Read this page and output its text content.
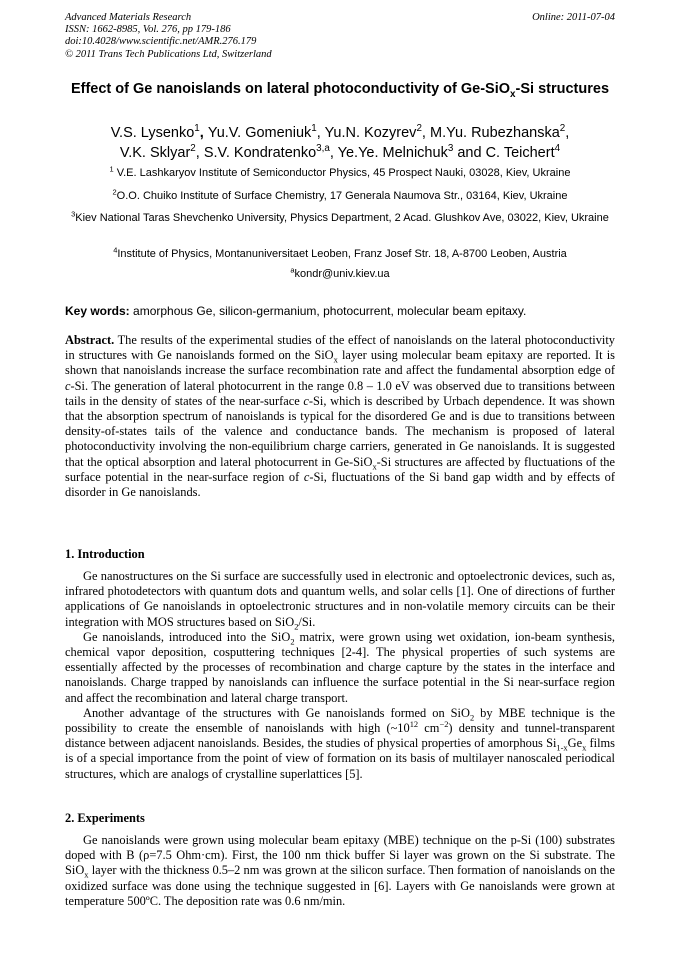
Advanced Materials Research
ISSN: 1662-8985, Vol. 276, pp 179-186
doi:10.4028/www.scientific.net/AMR.276.179
© 2011 Trans Tech Publications Ltd, Switzerland
Online: 2011-07-04
Effect of Ge nanoislands on lateral photoconductivity of Ge-SiO$_x$-Si structures
V.S. Lysenko$^1$, Yu.V. Gomeniuk$^1$, Yu.N. Kozyrev$^2$, M.Yu. Rubezhanska$^2$,
V.K. Sklyar$^2$, S.V. Kondratenko$^{3,a}$, Ye.Ye. Melnichuk$^3$ and C. Teichert$^4$
$^1$ V.E. Lashkaryov Institute of Semiconductor Physics, 45 Prospect Nauki, 03028, Kiev, Ukraine
$^2$O.O. Chuiko Institute of Surface Chemistry, 17 Generala Naumova Str., 03164, Kiev, Ukraine
$^3$Kiev National Taras Shevchenko University, Physics Department, 2 Acad. Glushkov Ave, 03022, Kiev, Ukraine
$^4$Institute of Physics, Montanuniversitaet Leoben, Franz Josef Str. 18, A-8700 Leoben, Austria
$^a$kondr@univ.kiev.ua
Key words: amorphous Ge, silicon-germanium, photocurrent, molecular beam epitaxy.
Abstract. The results of the experimental studies of the effect of nanoislands on the lateral photoconductivity in structures with Ge nanoislands formed on the SiO$_x$ layer using molecular beam epitaxy are reported. It is shown that nanoislands increase the surface recombination rate and affect the fundamental absorption edge of c-Si. The generation of lateral photocurrent in the range 0.8 – 1.0 eV was observed due to transitions between tails in the density of states of the near-surface c-Si, which is described by Urbach dependence. It was shown that the absorption spectrum of nanoislands is typical for the disordered Ge and is due to transitions between density-of-states tails of the valence and conductance bands. The mechanism is proposed of lateral photoconductivity involving the non-equilibrium charge carriers, generated in Ge nanoislands. It is suggested that the optical absorption and lateral photocurrent in Ge-SiO$_x$-Si structures are affected by fluctuations of the surface potential in the near-surface region of c-Si, fluctuations of the Si band gap width and by effects of disorder in Ge nanoislands.
1. Introduction

Ge nanostructures on the Si surface are successfully used in electronic and optoelectronic devices, such as, infrared photodetectors with quantum dots and quantum wells, and solar cells [1]. One of directions of further applications of Ge nanoislands in optoelectronic structures and in non-volatile memory circuits can be their integration with MOS structures based on SiO$_2$/Si.

Ge nanoislands, introduced into the SiO$_2$ matrix, were grown using wet oxidation, ion-beam synthesis, chemical vapor deposition, cosputtering techniques [2-4]. The physical properties of such systems are essentially affected by the processes of recombination and charge capture by the states in the interface and nanoislands. Charge trapped by nanoislands can influence the surface potential in the Si near-surface region and affect the recombination and lateral charge transport.

Another advantage of the structures with Ge nanoislands formed on SiO$_2$ by MBE technique is the possibility to create the ensemble of nanoislands with high ($\sim 10^{12}$ $cm^{-2}$) density and tunnel-transparent distance between adjacent nanoislands. Besides, the studies of physical properties of amorphous $Si_{1-x}Ge_x$ films is of a special importance from the point of view of formation on its basis of multilayer nanoscaled periodical structures, which are analogs of crystalline superlattices [5].

2. Experiments

Ge nanoislands were grown using molecular beam epitaxy (MBE) technique on the p-Si (100) substrates doped with B (ρ=7.5 Ohm·cm). First, the 100 nm thick buffer Si layer was grown on the Si substrate. The SiO$_x$ layer with the thickness 0.5–2 nm was grown at the silicon surface. Then formation of nanoislands on the oxidized surface was done using the technique suggested in [6]. Layers with Ge nanoislands were grown at temperature 500ºC. The deposition rate was 0.6 nm/min.
